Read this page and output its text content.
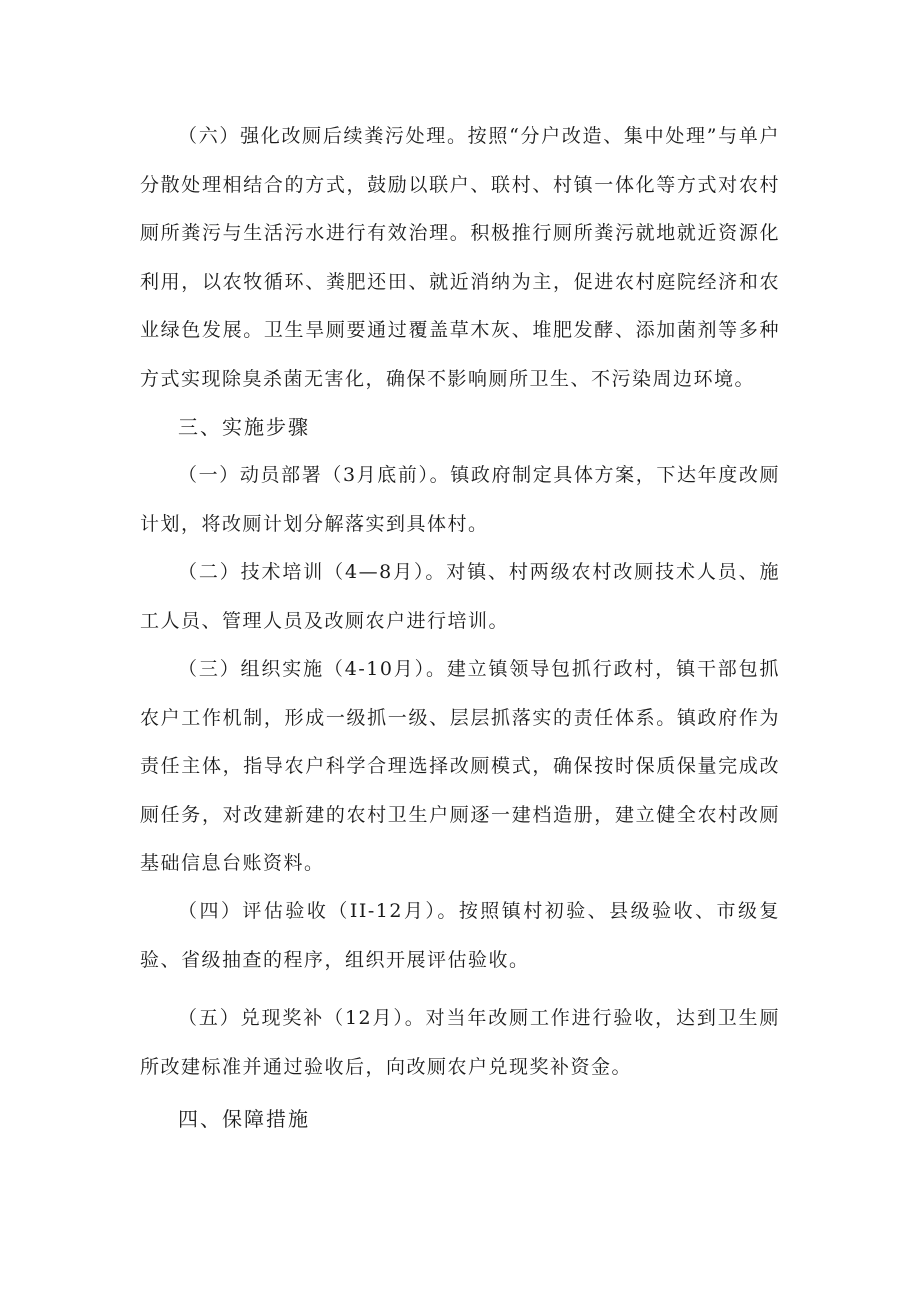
（六）强化改厕后续粪污处理。按照“分户改造、集中处理”与单户分散处理相结合的方式，鼓励以联户、联村、村镇一体化等方式对农村厕所粪污与生活污水进行有效治理。积极推行厕所粪污就地就近资源化利用，以农牧循环、粪肥还田、就近消纳为主，促进农村庭院经济和农业绿色发展。卫生旱厕要通过覆盖草木灰、堆肥发酵、添加菌剂等多种方式实现除臭杀菌无害化，确保不影响厕所卫生、不污染周边环境。

三、实施步骤

（一）动员部署（3月底前）。镇政府制定具体方案，下达年度改厕计划，将改厕计划分解落实到具体村。

（二）技术培训（4—8月）。对镇、村两级农村改厕技术人员、施工人员、管理人员及改厕农户进行培训。

（三）组织实施（4-10月）。建立镇领导包抓行政村，镇干部包抓农户工作机制，形成一级抓一级、层层抓落实的责任体系。镇政府作为责任主体，指导农户科学合理选择改厕模式，确保按时保质保量完成改厕任务，对改建新建的农村卫生户厕逐一建档造册，建立健全农村改厕基础信息台账资料。

（四）评估验收（II-12月）。按照镇村初验、县级验收、市级复验、省级抽查的程序，组织开展评估验收。

（五）兑现奖补（12月）。对当年改厕工作进行验收，达到卫生厕所改建标准并通过验收后，向改厕农户兑现奖补资金。

四、保障措施
